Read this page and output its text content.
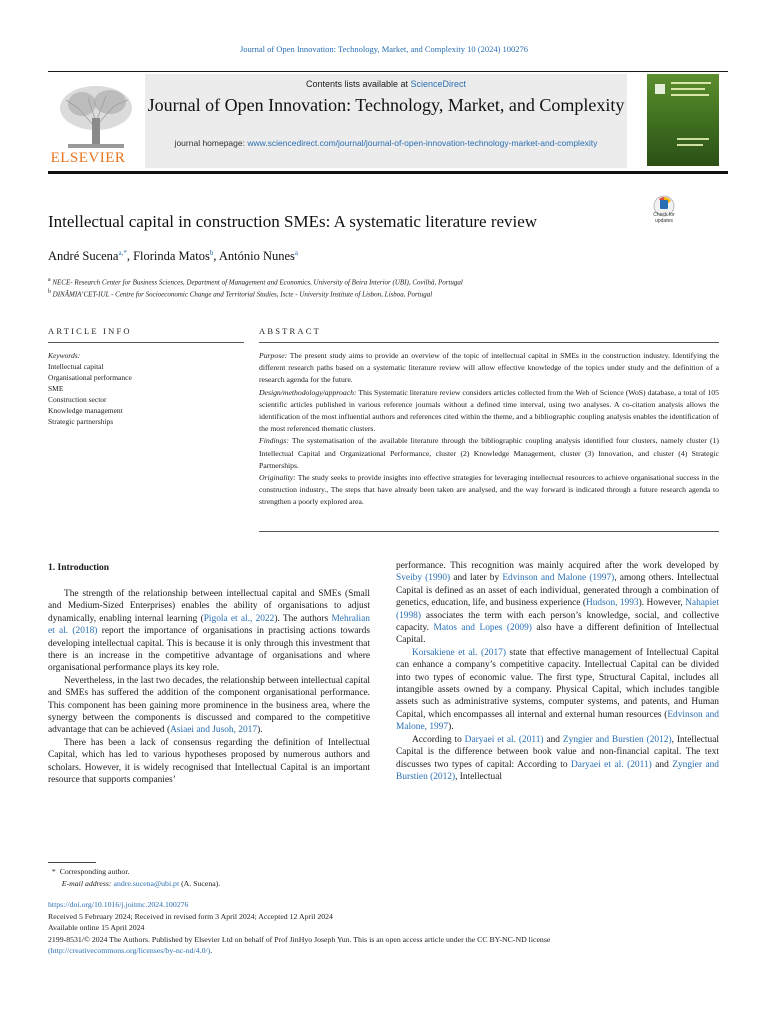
Journal of Open Innovation: Technology, Market, and Complexity 10 (2024) 100276
ELSEVIER
Contents lists available at ScienceDirect
Journal of Open Innovation: Technology, Market, and Complexity
journal homepage: www.sciencedirect.com/journal/journal-of-open-innovation-technology-market-and-complexity
Intellectual capital in construction SMEs: A systematic literature review	Check for updates
André Sucena$^{a,*}$, Florinda Matos$^b$, António Nunes$^a$
$^a$ NECE- Research Center for Business Sciences, Department of Management and Economics, University of Beira Interior (UBI), Covilhã, Portugal
$^b$ DINÂMIA’CET-IUL - Centre for Socioeconomic Change and Territorial Studies, Iscte - University Institute of Lisbon, Lisboa, Portugal
ARTICLE INFO
Keywords:
Intellectual capital
Organisational performance
SME
Construction sector
Knowledge management
Strategic partnerships
ABSTRACT

Purpose: The present study aims to provide an overview of the topic of intellectual capital in SMEs in the construction industry. Identifying the different research paths based on a systematic literature review will allow effective knowledge of the topics under study and the definition of a research agenda for the future.

Design/methodology/approach: This Systematic literature review considers articles collected from the Web of Science (WoS) database, a total of 105 scientific articles published in various reference journals without a defined time interval, using two analyses. A co-citation analysis allows the identification of the most influential authors and references cited within the theme, and a bibliographic coupling analysis enables the identification of the most referenced thematic clusters.

Findings: The systematisation of the available literature through the bibliographic coupling analysis identified four clusters, namely cluster (1) Intellectual Capital and Organizational Performance, cluster (2) Knowledge Management, cluster (3) Innovation, and cluster (4) Strategic Partnerships.

Originality: The study seeks to provide insights into effective strategies for leveraging intellectual resources to achieve organisational success in the construction industry., The steps that have already been taken are analysed, and the way forward is indicated through a future research agenda to strengthen a poorly explored area.

1. Introduction

The strength of the relationship between intellectual capital and SMEs (Small and Medium-Sized Enterprises) enables the ability of organisations to adjust dynamically, enabling internal learning (Pigola et al., 2022). The authors Mehralian et al. (2018) report the importance of organisations in practising actions towards developing intellectual capital. This is because it is only through this investment that there is an increase in the competitive advantage of organisations and where organisational performance plays its key role.

Nevertheless, in the last two decades, the relationship between intellectual capital and SMEs has suffered the addition of the component organisational performance. This component has been gaining more prominence in the business area, where the synergy between the components is discussed and compared to the competitive advantage that can be achieved (Asiaei and Jusoh, 2017).

There has been a lack of consensus regarding the definition of Intellectual Capital, which has led to various hypotheses proposed by numerous authors and scholars. However, it is widely recognised that Intellectual Capital is an important resource that supports companies’

performance. This recognition was mainly acquired after the work developed by Sveiby (1990) and later by Edvinson and Malone (1997), among others. Intellectual Capital is defined as an asset of each individual, generated through a combination of genetics, education, life, and business experience (Hudson, 1993). However, Nahapiet (1998) associates the term with each person’s knowledge, social, and collective capacity. Matos and Lopes (2009) also have a different definition of Intellectual Capital.

Korsakiene et al. (2017) state that effective management of Intellectual Capital can enhance a company’s competitive capacity. Intellectual Capital can be divided into two types of economic value. The first type, Structural Capital, includes all intangible assets owned by a company. Physical Capital, which includes tangible assets such as administrative systems, computer systems, and patents, and Human Capital, which encompasses all internal and external human resources (Edvinson and Malone, 1997).

According to Daryaei et al. (2011) and Zyngier and Burstien (2012), Intellectual Capital is the difference between book value and non-financial capital. The text discusses two types of capital: According to Daryaei et al. (2011) and Zyngier and Burstien (2012), Intellectual

*  Corresponding author.
E-mail address: andre.sucena@ubi.pt (A. Sucena).
https://doi.org/10.1016/j.joitmc.2024.100276
Received 5 February 2024; Received in revised form 3 April 2024; Accepted 12 April 2024
Available online 15 April 2024
2199-8531/© 2024 The Authors. Published by Elsevier Ltd on behalf of Prof JinHyo Joseph Yun. This is an open access article under the CC BY-NC-ND license
(http://creativecommons.org/licenses/by-nc-nd/4.0/).
